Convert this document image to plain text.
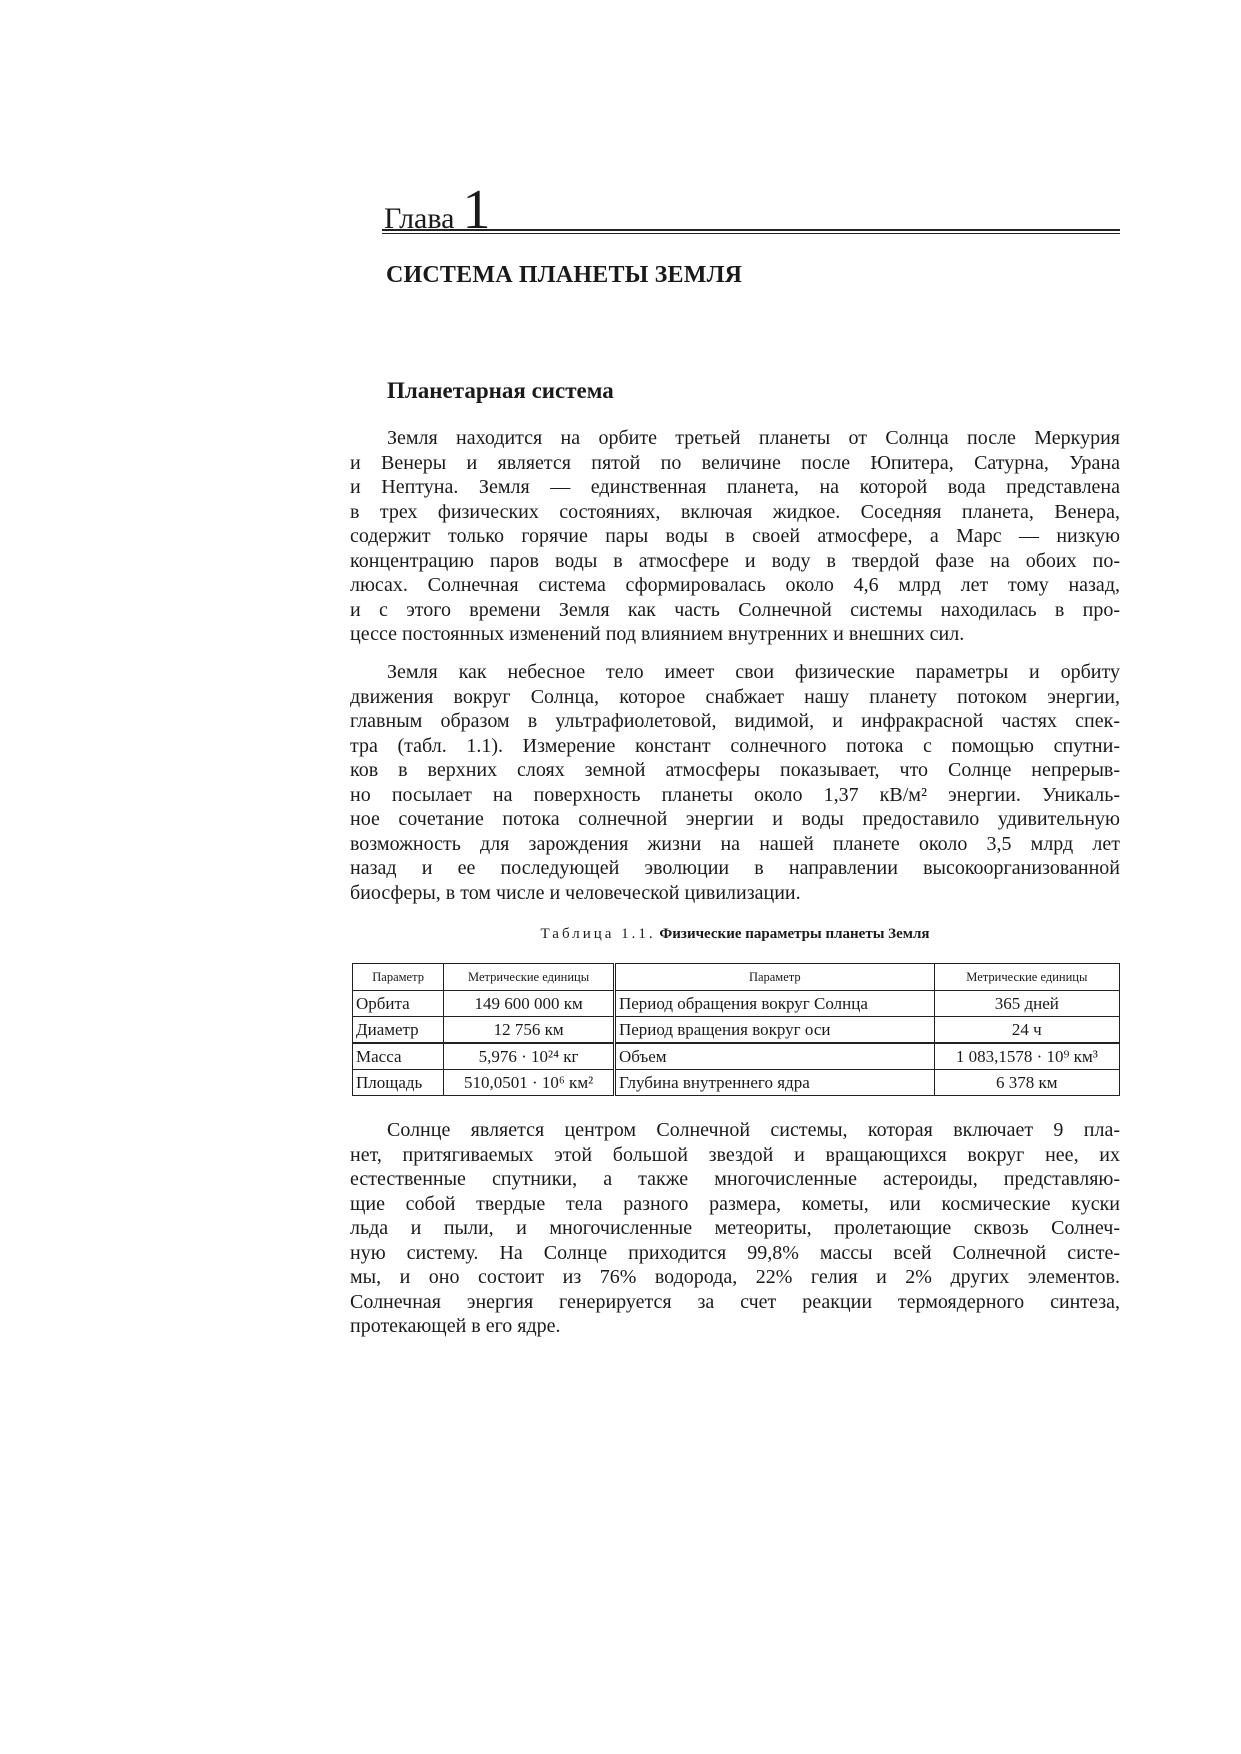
Глава 1
СИСТЕМА ПЛАНЕТЫ ЗЕМЛЯ
Планетарная система
Земля находится на орбите третьей планеты от Солнца после Меркурия
и Венеры и является пятой по величине после Юпитера, Сатурна, Урана
и Нептуна. Земля — единственная планета, на которой вода представлена
в трех физических состояниях, включая жидкое. Соседняя планета, Венера,
содержит только горячие пары воды в своей атмосфере, а Марс — низкую
концентрацию паров воды в атмосфере и воду в твердой фазе на обоих по-
люсах. Солнечная система сформировалась около 4,6 млрд лет тому назад,
и с этого времени Земля как часть Солнечной системы находилась в про-
цессе постоянных изменений под влиянием внутренних и внешних сил.
Земля как небесное тело имеет свои физические параметры и орбиту
движения вокруг Солнца, которое снабжает нашу планету потоком энергии,
главным образом в ультрафиолетовой, видимой, и инфракрасной частях спек-
тра (табл. 1.1). Измерение констант солнечного потока с помощью спутни-
ков в верхних слоях земной атмосферы показывает, что Солнце непрерыв-
но посылает на поверхность планеты около 1,37 кВ/м² энергии. Уникаль-
ное сочетание потока солнечной энергии и воды предоставило удивительную
возможность для зарождения жизни на нашей планете около 3,5 млрд лет
назад и ее последующей эволюции в направлении высокоорганизованной
биосферы, в том числе и человеческой цивилизации.
Таблица 1.1. Физические параметры планеты Земля
Параметр	Метрические единицы	Параметр	Метрические единицы
Орбита	149 600 000 км	Период обращения вокруг Солнца	365 дней
Диаметр	12 756 км	Период вращения вокруг оси	24 ч
Масса	5,976 · 10²⁴ кг	Объем	1 083,1578 · 10⁹ км³
Площадь	510,0501 · 10⁶ км²	Глубина внутреннего ядра	6 378 км
Солнце является центром Солнечной системы, которая включает 9 пла-
нет, притягиваемых этой большой звездой и вращающихся вокруг нее, их
естественные спутники, а также многочисленные астероиды, представляю-
щие собой твердые тела разного размера, кометы, или космические куски
льда и пыли, и многочисленные метеориты, пролетающие сквозь Солнеч-
ную систему. На Солнце приходится 99,8% массы всей Солнечной систе-
мы, и оно состоит из 76% водорода, 22% гелия и 2% других элементов.
Солнечная энергия генерируется за счет реакции термоядерного синтеза,
протекающей в его ядре.
